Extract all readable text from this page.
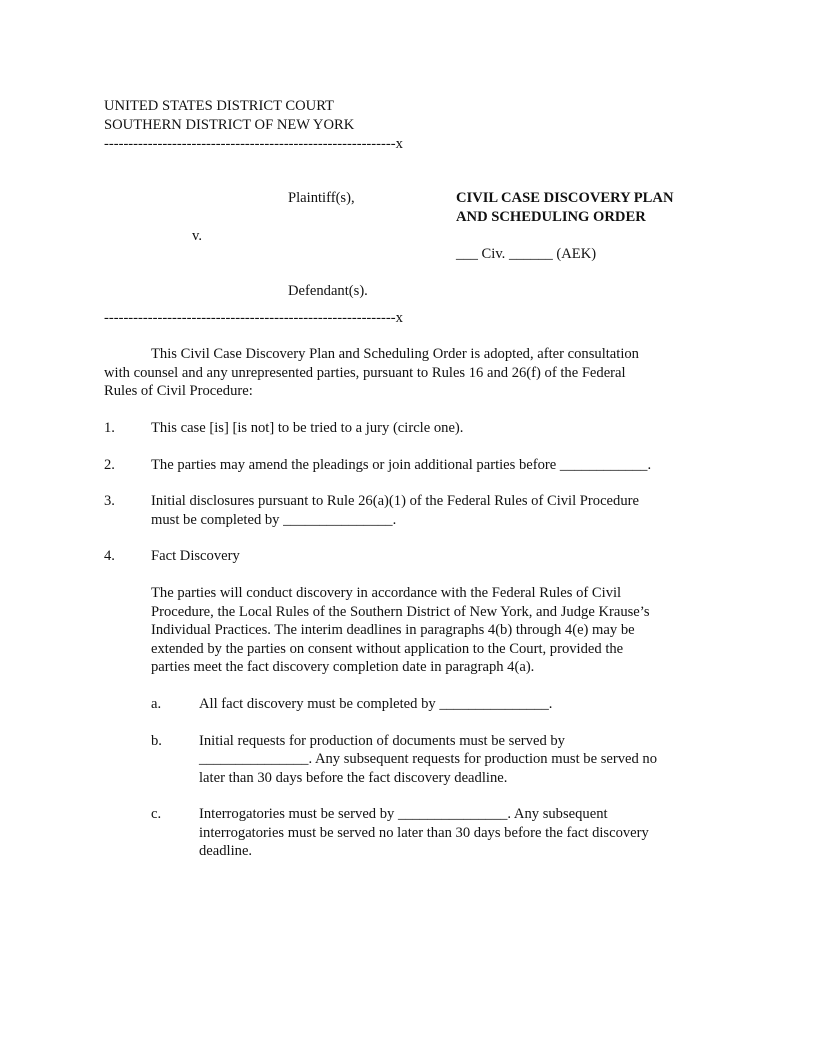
UNITED STATES DISTRICT COURT
SOUTHERN DISTRICT OF NEW YORK
------------------------------------------------------------x
Plaintiff(s),	CIVIL CASE DISCOVERY PLAN
AND SCHEDULING ORDER
v.
___ Civ. ______ (AEK)
Defendant(s).
------------------------------------------------------------x
This Civil Case Discovery Plan and Scheduling Order is adopted, after consultation
with counsel and any unrepresented parties, pursuant to Rules 16 and 26(f) of the Federal
Rules of Civil Procedure:
1. This case [is] [is not] to be tried to a jury (circle one).
2. The parties may amend the pleadings or join additional parties before ____________.
3. Initial disclosures pursuant to Rule 26(a)(1) of the Federal Rules of Civil Procedure
must be completed by _______________.
4. Fact Discovery
The parties will conduct discovery in accordance with the Federal Rules of Civil
Procedure, the Local Rules of the Southern District of New York, and Judge Krause’s
Individual Practices. The interim deadlines in paragraphs 4(b) through 4(e) may be
extended by the parties on consent without application to the Court, provided the
parties meet the fact discovery completion date in paragraph 4(a).
a.	All fact discovery must be completed by _______________.
b.	Initial requests for production of documents must be served by
_______________. Any subsequent requests for production must be served no
later than 30 days before the fact discovery deadline.
c.	Interrogatories must be served by _______________. Any subsequent
interrogatories must be served no later than 30 days before the fact discovery
deadline.
